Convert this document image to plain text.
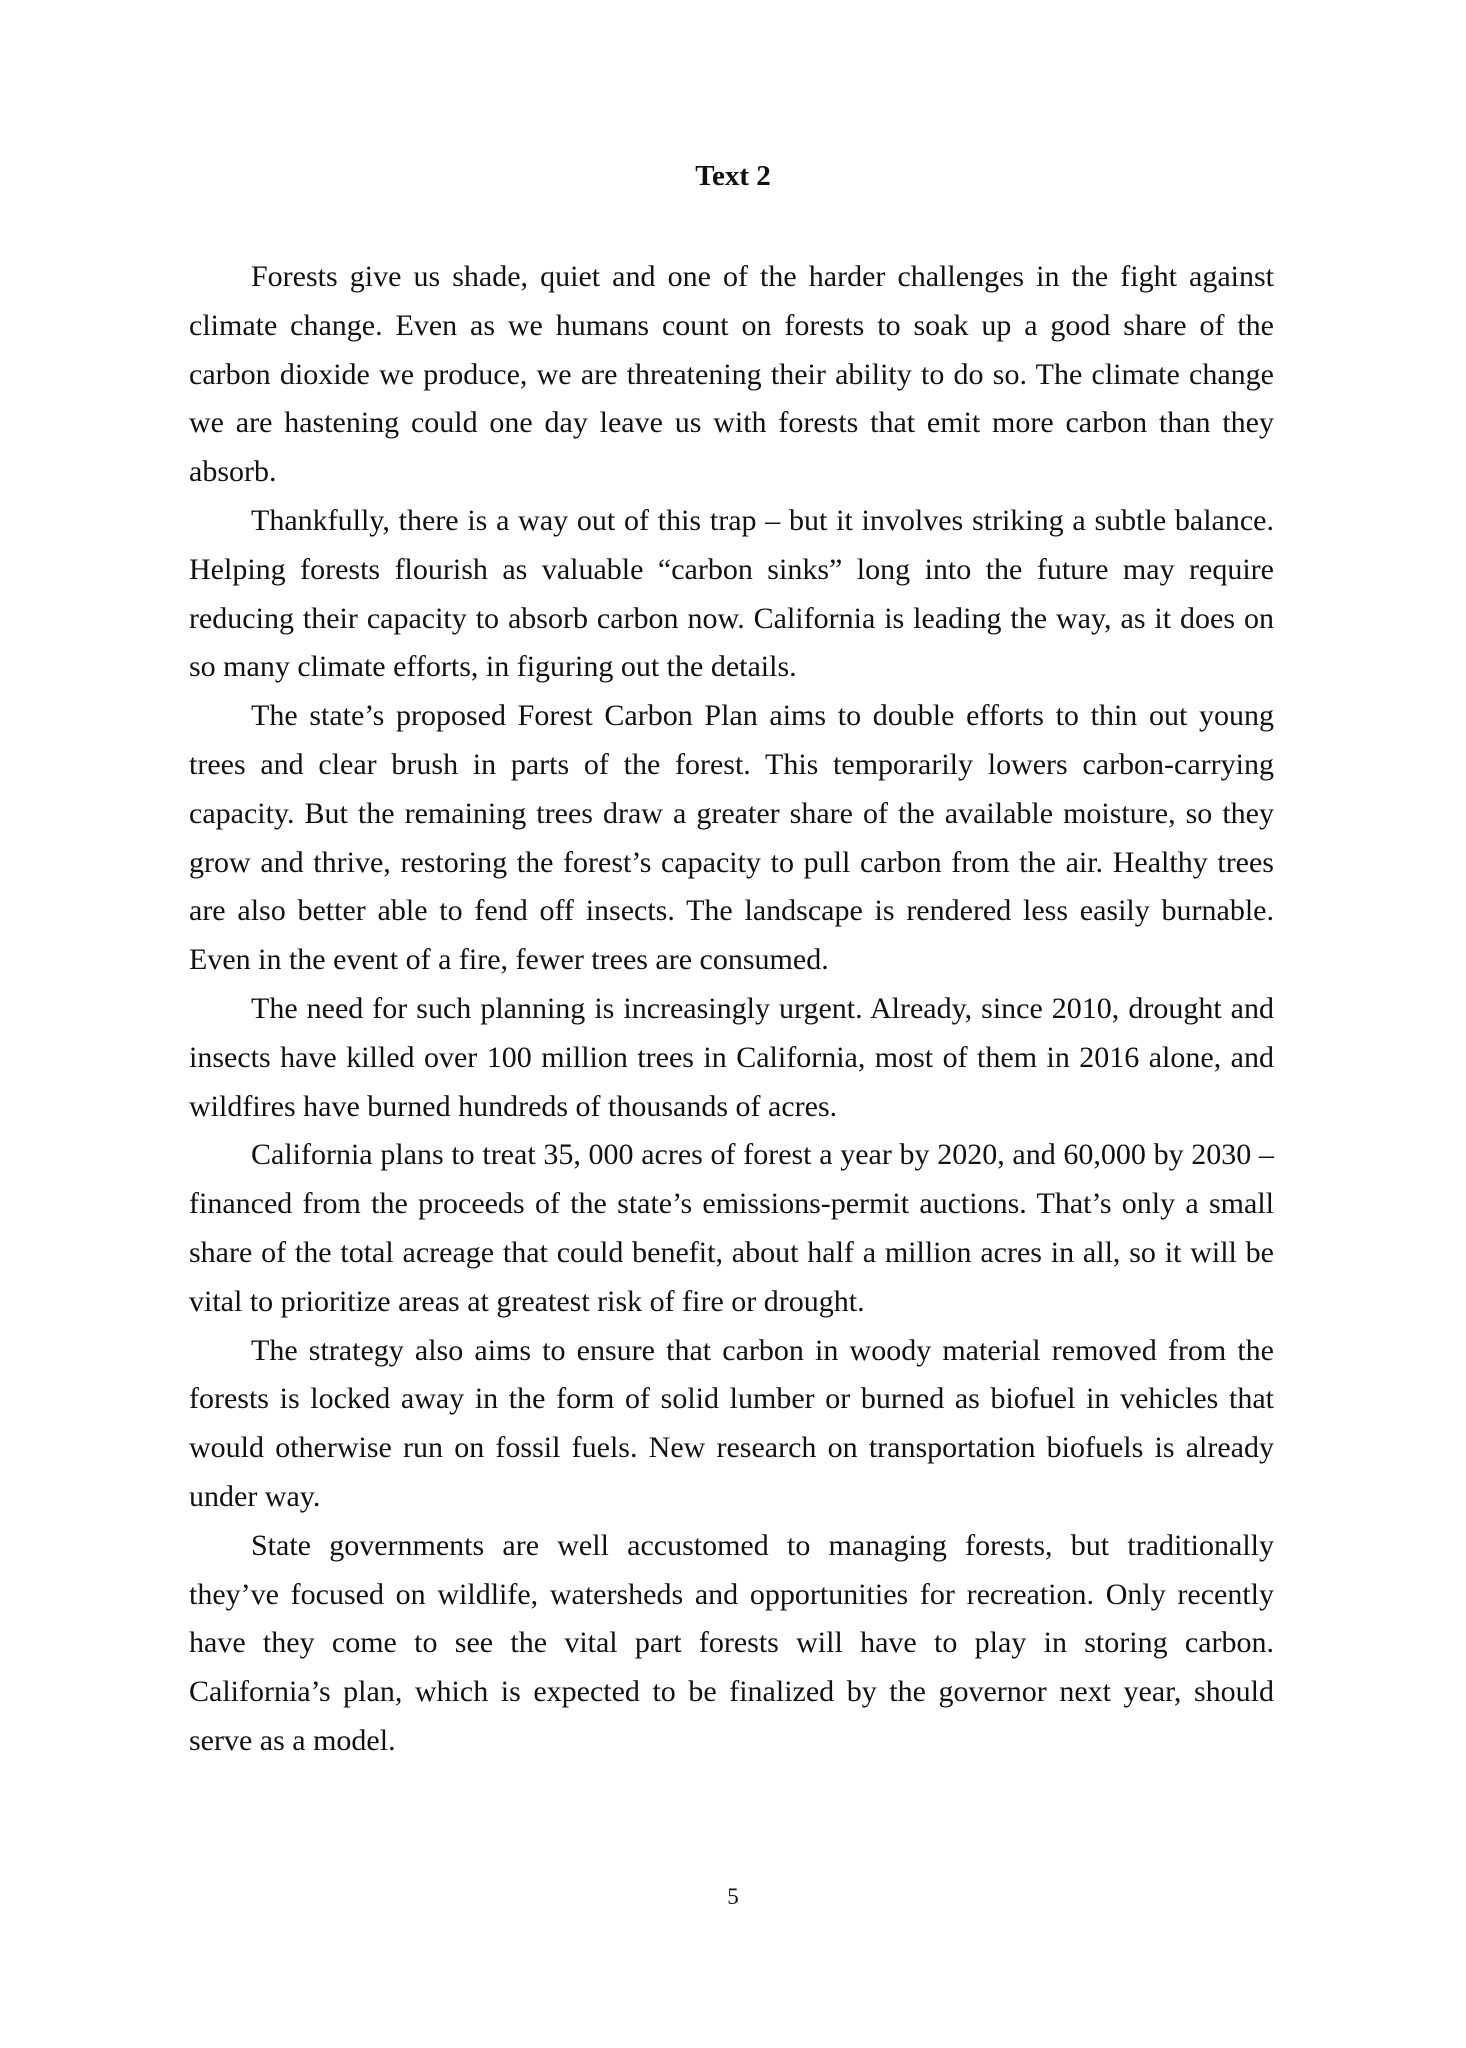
Text 2

Forests give us shade, quiet and one of the harder challenges in the fight against climate change. Even as we humans count on forests to soak up a good share of the carbon dioxide we produce, we are threatening their ability to do so. The climate change we are hastening could one day leave us with forests that emit more carbon than they absorb.

Thankfully, there is a way out of this trap – but it involves striking a subtle balance. Helping forests flourish as valuable “carbon sinks” long into the future may require reducing their capacity to absorb carbon now. California is leading the way, as it does on so many climate efforts, in figuring out the details.

The state’s proposed Forest Carbon Plan aims to double efforts to thin out young trees and clear brush in parts of the forest. This temporarily lowers carbon-carrying capacity. But the remaining trees draw a greater share of the available moisture, so they grow and thrive, restoring the forest’s capacity to pull carbon from the air. Healthy trees are also better able to fend off insects. The landscape is rendered less easily burnable. Even in the event of a fire, fewer trees are consumed.

The need for such planning is increasingly urgent. Already, since 2010, drought and insects have killed over 100 million trees in California, most of them in 2016 alone, and wildfires have burned hundreds of thousands of acres.

California plans to treat 35, 000 acres of forest a year by 2020, and 60,000 by 2030 – financed from the proceeds of the state’s emissions-permit auctions. That’s only a small share of the total acreage that could benefit, about half a million acres in all, so it will be vital to prioritize areas at greatest risk of fire or drought.

The strategy also aims to ensure that carbon in woody material removed from the forests is locked away in the form of solid lumber or burned as biofuel in vehicles that would otherwise run on fossil fuels. New research on transportation biofuels is already under way.

State governments are well accustomed to managing forests, but traditionally they’ve focused on wildlife, watersheds and opportunities for recreation. Only recently have they come to see the vital part forests will have to play in storing carbon. California’s plan, which is expected to be finalized by the governor next year, should serve as a model.

5
